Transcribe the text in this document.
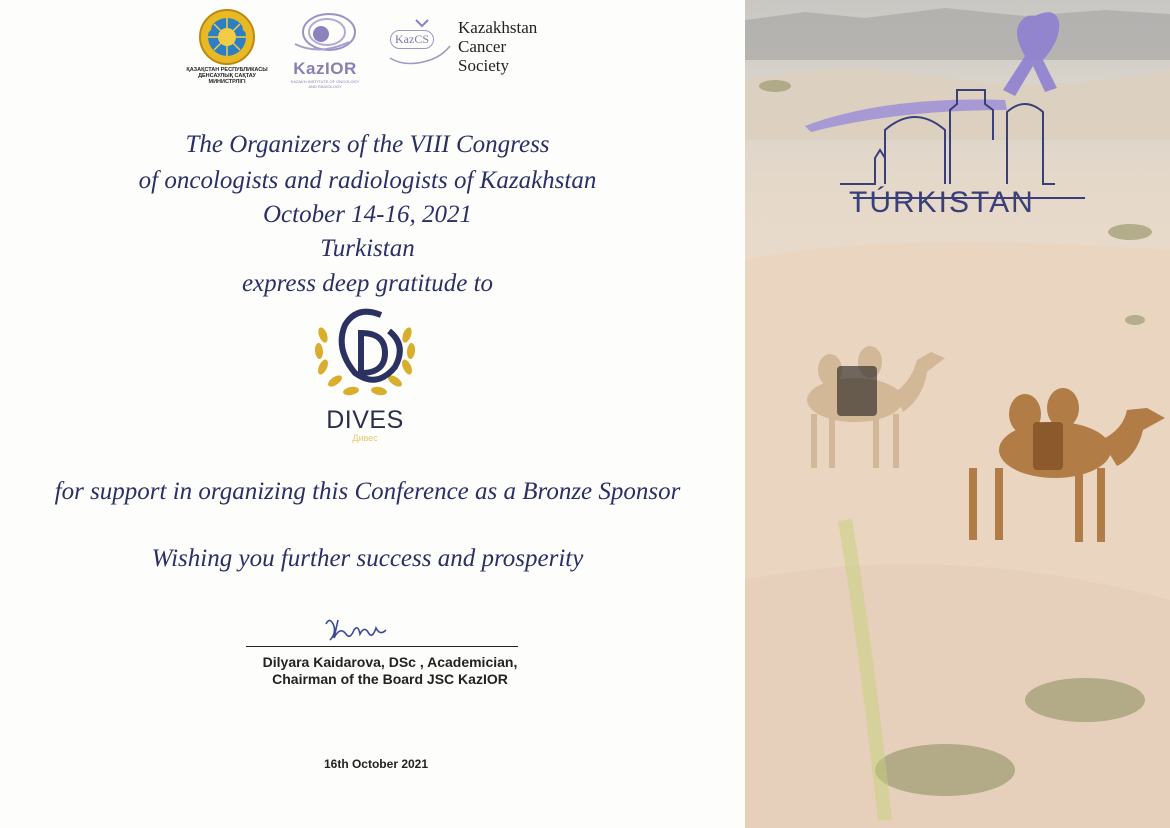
ҚАЗАҚСТАН РЕСПУБЛИКАСЫ
ДЕНСАУЛЫҚ САҚТАУ
МИНИСТРЛІГІ
KazIOR
KAZAKH INSTITUTE OF ONCOLOGY
AND RADIOLOGY
KazCS
Kazakhstan
Cancer
Society
The Organizers of the VIII Congress
of oncologists and radiologists of Kazakhstan
October 14-16, 2021
Turkistan
express deep gratitude to
DIVES
Дивес
for support in organizing this Conference as a Bronze Sponsor
Wishing you further success and prosperity
Dilyara Kaidarova, DSc , Academician,
Chairman of the Board JSC KazIOR
16th October 2021
TÚRKISTAN
